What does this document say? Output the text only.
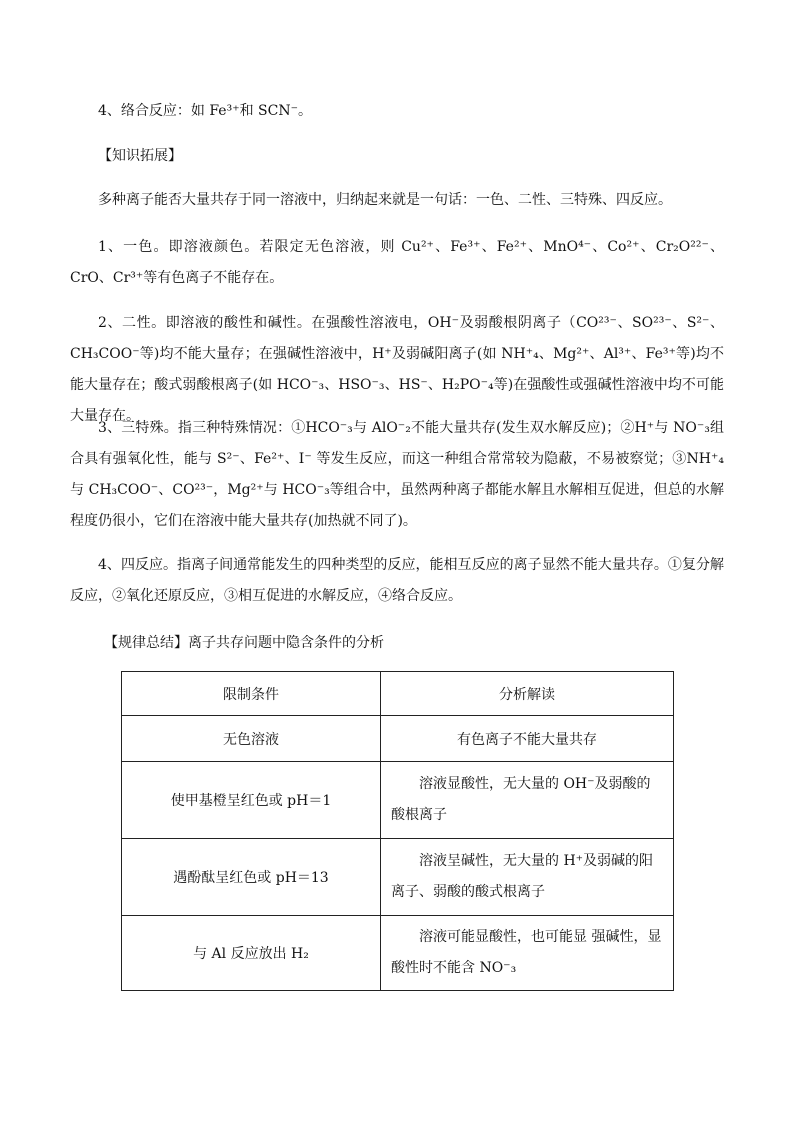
4、络合反应：如 Fe³⁺和 SCN⁻。
【知识拓展】
多种离子能否大量共存于同一溶液中，归纳起来就是一句话：一色、二性、三特殊、四反应。
1、一色。即溶液颜色。若限定无色溶液，则 Cu²⁺、Fe³⁺、Fe²⁺、MnO⁴⁻、Co²⁺、Cr₂O²²⁻、CrO、Cr³⁺等有色离子不能存在。
2、二性。即溶液的酸性和碱性。在强酸性溶液电，OH⁻及弱酸根阴离子（CO²³⁻、SO²³⁻、S²⁻、CH₃COO⁻等)均不能大量存；在强碱性溶液中，H⁺及弱碱阳离子(如 NH⁺₄、Mg²⁺、Al³⁺、Fe³⁺等)均不能大量存在；酸式弱酸根离子(如 HCO⁻₃、HSO⁻₃、HS⁻、H₂PO⁻₄等)在强酸性或强碱性溶液中均不可能大量存在。
3、三特殊。指三种特殊情况：①HCO⁻₃与 AlO⁻₂不能大量共存(发生双水解反应)；②H⁺与 NO⁻₃组合具有强氧化性，能与 S²⁻、Fe²⁺、I⁻ 等发生反应，而这一种组合常常较为隐蔽，不易被察觉；③NH⁺₄与 CH₃COO⁻、CO²³⁻，Mg²⁺与 HCO⁻₃等组合中，虽然两种离子都能水解且水解相互促进，但总的水解程度仍很小，它们在溶液中能大量共存(加热就不同了)。
4、四反应。指离子间通常能发生的四种类型的反应，能相互反应的离子显然不能大量共存。①复分解反应，②氧化还原反应，③相互促进的水解反应，④络合反应。
【规律总结】离子共存问题中隐含条件的分析
限制条件	分析解读
无色溶液	有色离子不能大量共存
使甲基橙呈红色或 pH＝1	溶液显酸性，无大量的 OH⁻及弱酸的酸根离子
遇酚酞呈红色或 pH＝13	溶液呈碱性，无大量的 H⁺及弱碱的阳离子、弱酸的酸式根离子
与 Al 反应放出 H₂	溶液可能显酸性，也可能显 强碱性，显酸性时不能含 NO⁻₃
